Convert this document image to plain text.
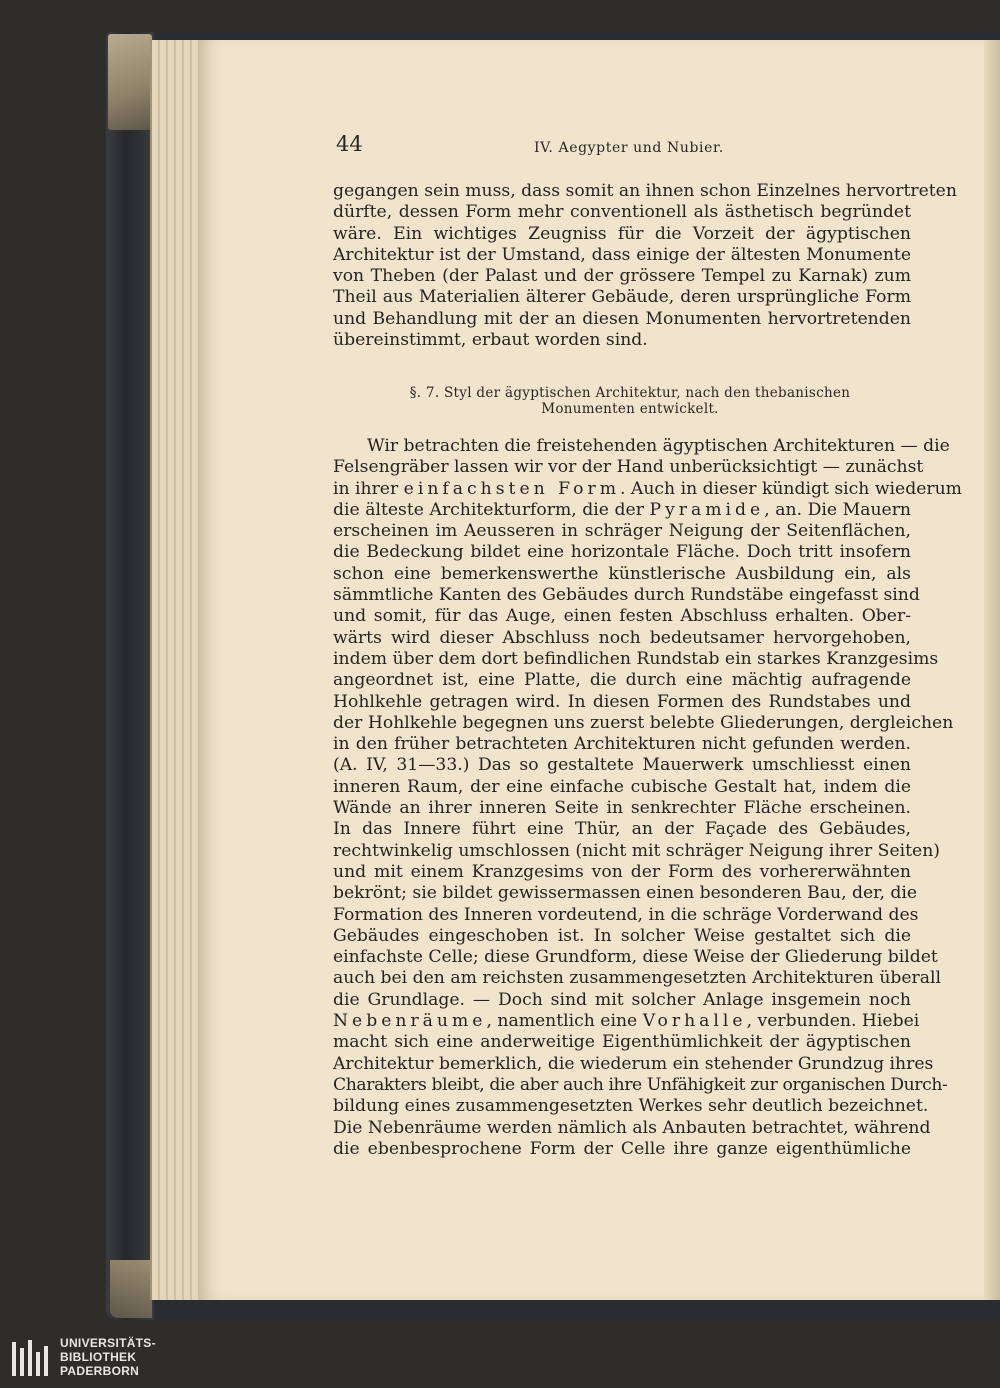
44	IV. Aegypter und Nubier.
gegangen sein muss, dass somit an ihnen schon Einzelnes hervortreten
dürfte, dessen Form mehr conventionell als ästhetisch begründet
wäre. Ein wichtiges Zeugniss für die Vorzeit der ägyptischen
Architektur ist der Umstand, dass einige der ältesten Monumente
von Theben (der Palast und der grössere Tempel zu Karnak) zum
Theil aus Materialien älterer Gebäude, deren ursprüngliche Form
und Behandlung mit der an diesen Monumenten hervortretenden
übereinstimmt, erbaut worden sind.
§. 7. Styl der ägyptischen Architektur, nach den thebanischen
Monumenten entwickelt.
Wir betrachten die freistehenden ägyptischen Architekturen — die
Felsengräber lassen wir vor der Hand unberücksichtigt — zunächst
in ihrer einfachsten Form. Auch in dieser kündigt sich wiederum
die älteste Architekturform, die der Pyramide, an. Die Mauern
erscheinen im Aeusseren in schräger Neigung der Seitenflächen,
die Bedeckung bildet eine horizontale Fläche. Doch tritt insofern
schon eine bemerkenswerthe künstlerische Ausbildung ein, als
sämmtliche Kanten des Gebäudes durch Rundstäbe eingefasst sind
und somit, für das Auge, einen festen Abschluss erhalten. Ober-
wärts wird dieser Abschluss noch bedeutsamer hervorgehoben,
indem über dem dort befindlichen Rundstab ein starkes Kranzgesims
angeordnet ist, eine Platte, die durch eine mächtig aufragende
Hohlkehle getragen wird. In diesen Formen des Rundstabes und
der Hohlkehle begegnen uns zuerst belebte Gliederungen, dergleichen
in den früher betrachteten Architekturen nicht gefunden werden.
(A. IV, 31—33.) Das so gestaltete Mauerwerk umschliesst einen
inneren Raum, der eine einfache cubische Gestalt hat, indem die
Wände an ihrer inneren Seite in senkrechter Fläche erscheinen.
In das Innere führt eine Thür, an der Façade des Gebäudes,
rechtwinkelig umschlossen (nicht mit schräger Neigung ihrer Seiten)
und mit einem Kranzgesims von der Form des vorhererwähnten
bekrönt; sie bildet gewissermassen einen besonderen Bau, der, die
Formation des Inneren vordeutend, in die schräge Vorderwand des
Gebäudes eingeschoben ist. In solcher Weise gestaltet sich die
einfachste Celle; diese Grundform, diese Weise der Gliederung bildet
auch bei den am reichsten zusammengesetzten Architekturen überall
die Grundlage. — Doch sind mit solcher Anlage insgemein noch
Nebenräume, namentlich eine Vorhalle, verbunden. Hiebei
macht sich eine anderweitige Eigenthümlichkeit der ägyptischen
Architektur bemerklich, die wiederum ein stehender Grundzug ihres
Charakters bleibt, die aber auch ihre Unfähigkeit zur organischen Durch-
bildung eines zusammengesetzten Werkes sehr deutlich bezeichnet.
Die Nebenräume werden nämlich als Anbauten betrachtet, während
die ebenbesprochene Form der Celle ihre ganze eigenthümliche
UNIVERSITÄTS-
BIBLIOTHEK
PADERBORN
